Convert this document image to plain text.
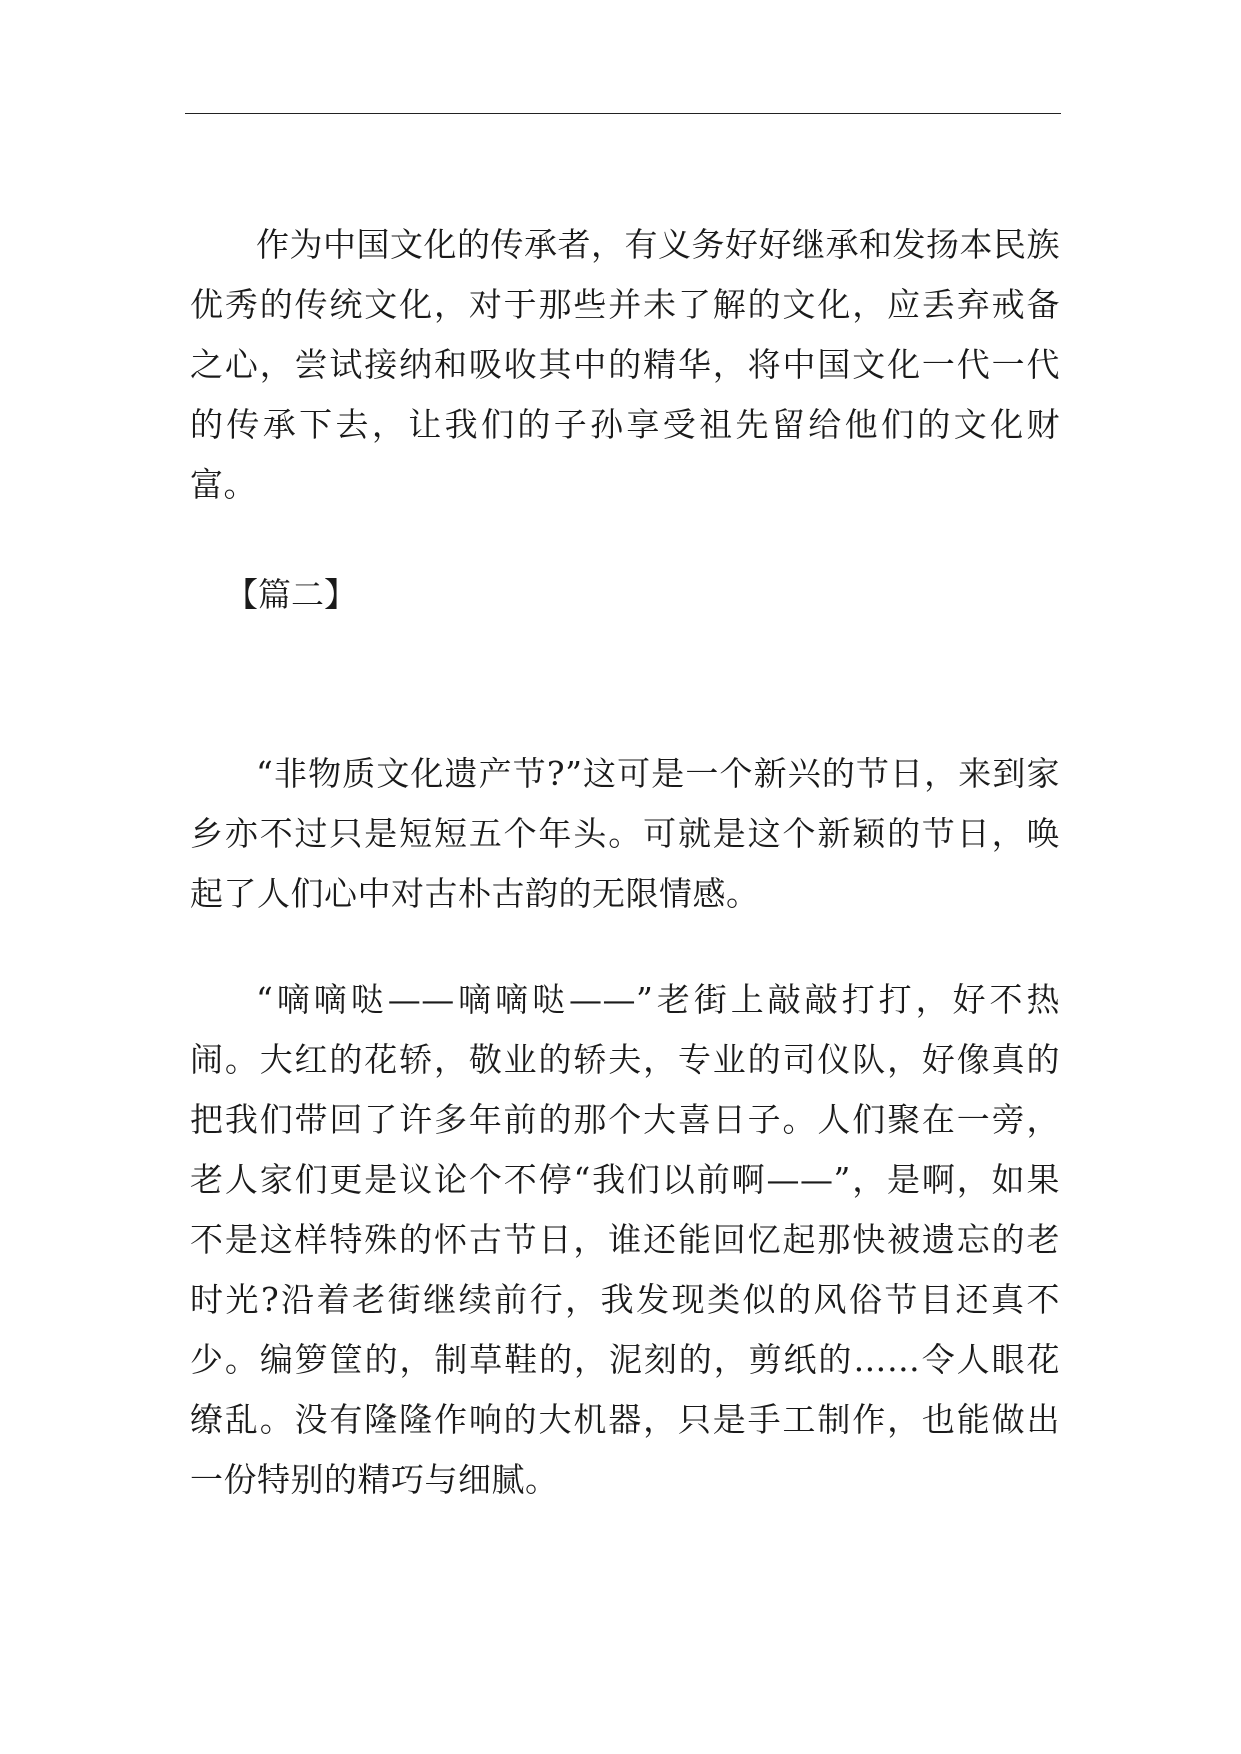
作为中国文化的传承者，有义务好好继承和发扬本民族优秀的传统文化，对于那些并未了解的文化，应丢弃戒备之心，尝试接纳和吸收其中的精华，将中国文化一代一代的传承下去，让我们的子孙享受祖先留给他们的文化财富。

【篇二】

“非物质文化遗产节?”这可是一个新兴的节日，来到家乡亦不过只是短短五个年头。可就是这个新颖的节日，唤起了人们心中对古朴古韵的无限情感。

“嘀嘀哒——嘀嘀哒——”老街上敲敲打打，好不热闹。大红的花轿，敬业的轿夫，专业的司仪队，好像真的把我们带回了许多年前的那个大喜日子。人们聚在一旁，老人家们更是议论个不停“我们以前啊——”，是啊，如果不是这样特殊的怀古节日，谁还能回忆起那快被遗忘的老时光?沿着老街继续前行，我发现类似的风俗节目还真不少。编箩筐的，制草鞋的，泥刻的，剪纸的……令人眼花缭乱。没有隆隆作响的大机器，只是手工制作，也能做出一份特别的精巧与细腻。
